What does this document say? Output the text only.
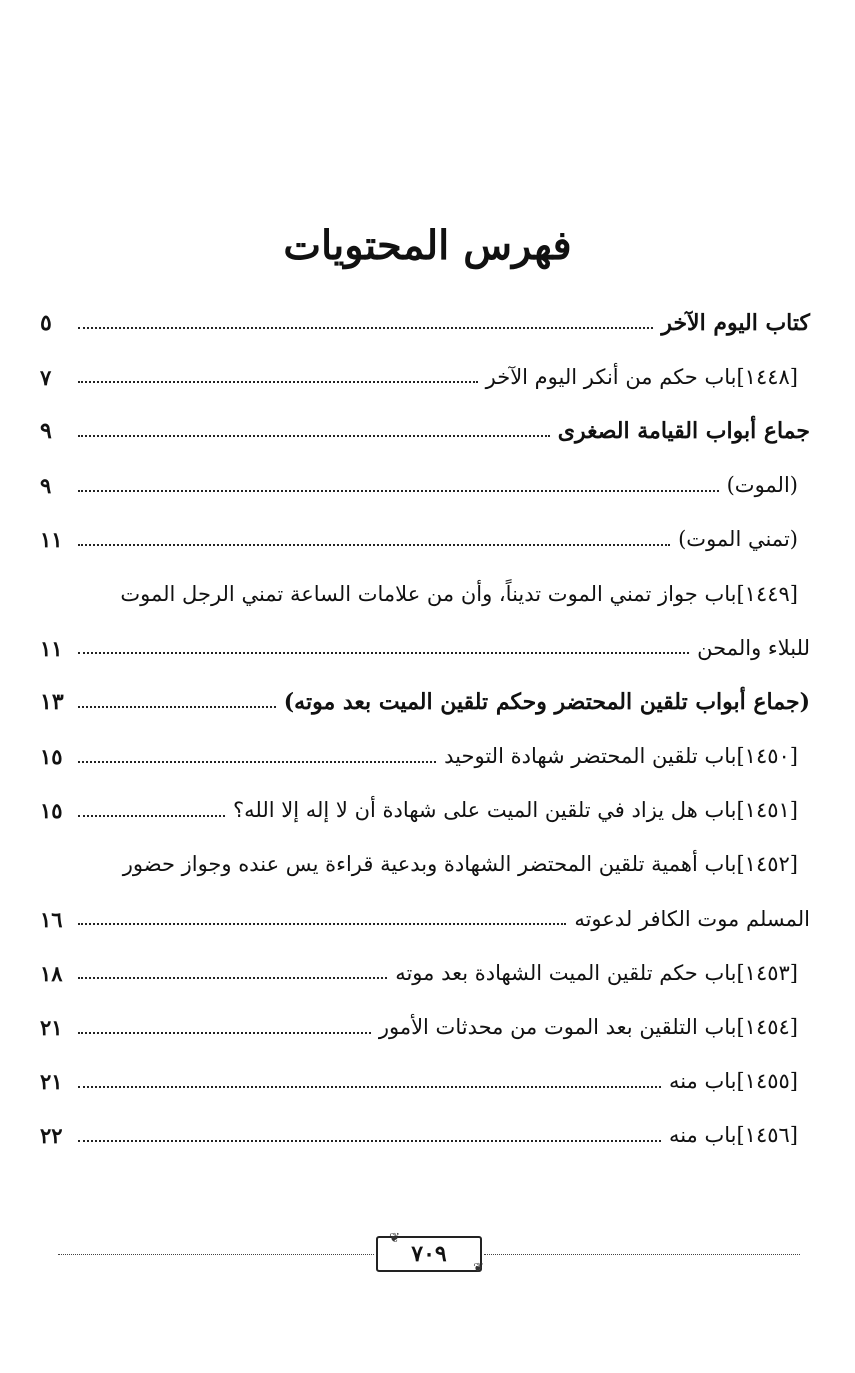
فهرس المحتويات
كتاب اليوم الآخر
٥
[١٤٤٨]باب حكم من أنكر اليوم الآخر
٧
جماع أبواب القيامة الصغرى
٩
(الموت)
٩
(تمني الموت)
١١
[١٤٤٩]باب جواز تمني الموت تديناً، وأن من علامات الساعة تمني الرجل الموت
للبلاء والمحن
١١
(جماع أبواب تلقين المحتضر وحكم تلقين الميت بعد موته)
١٣
[١٤٥٠]باب تلقين المحتضر شهادة التوحيد
١٥
[١٤٥١]باب هل يزاد في تلقين الميت على شهادة أن لا إله إلا الله؟
١٥
[١٤٥٢]باب أهمية تلقين المحتضر الشهادة وبدعية قراءة يس عنده وجواز حضور
المسلم موت الكافر لدعوته
١٦
[١٤٥٣]باب حكم تلقين الميت الشهادة بعد موته
١٨
[١٤٥٤]باب التلقين بعد الموت من محدثات الأمور
٢١
[١٤٥٥]باب منه
٢١
[١٤٥٦]باب منه
٢٢
❦
٧٠٩
❦
